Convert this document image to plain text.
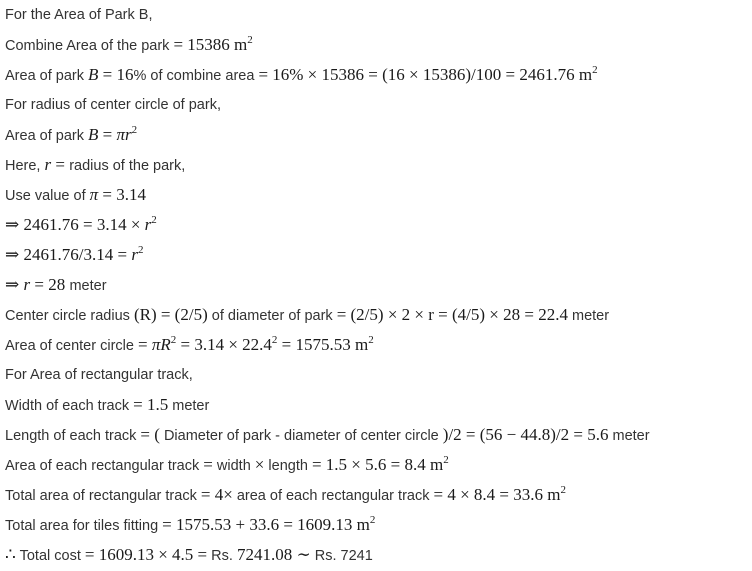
For the Area of Park B,
Combine Area of the park = 15386 $m^2$
Area of park B = 16% of combine area = 16% × 15386 = (16 × 15386)/100 = 2461.76 $m^2$
For radius of center circle of park,
Area of park $B = \pi r^2$
Here, r = radius of the park,
Use value of π = 3.14
⇒ $2461.76 = 3.14 \times r^2$
⇒ $2461.76/3.14 = r^2$
⇒ r = 28 meter
Center circle radius (R) = (2/5) of diameter of park = (2/5) × 2 × r = (4/5) × 28 = 22.4 meter
Area of center circle = $\pi R^2 = 3.14 \times 22.4^2 = 1575.53$ $m^2$
For Area of rectangular track,
Width of each track = 1.5 meter
Length of each track = ( Diameter of park - diameter of center circle )/2 = (56 − 44.8)/2 = 5.6 meter
Area of each rectangular track = width × length = 1.5 × 5.6 = 8.4 $m^2$
Total area of rectangular track = 4× area of each rectangular track = 4 × 8.4 = 33.6 $m^2$
Total area for tiles fitting = 1575.53 + 33.6 = 1609.13 $m^2$
∴ Total cost = 1609.13 × 4.5 = Rs. 7241.08 ∼ Rs. 7241
